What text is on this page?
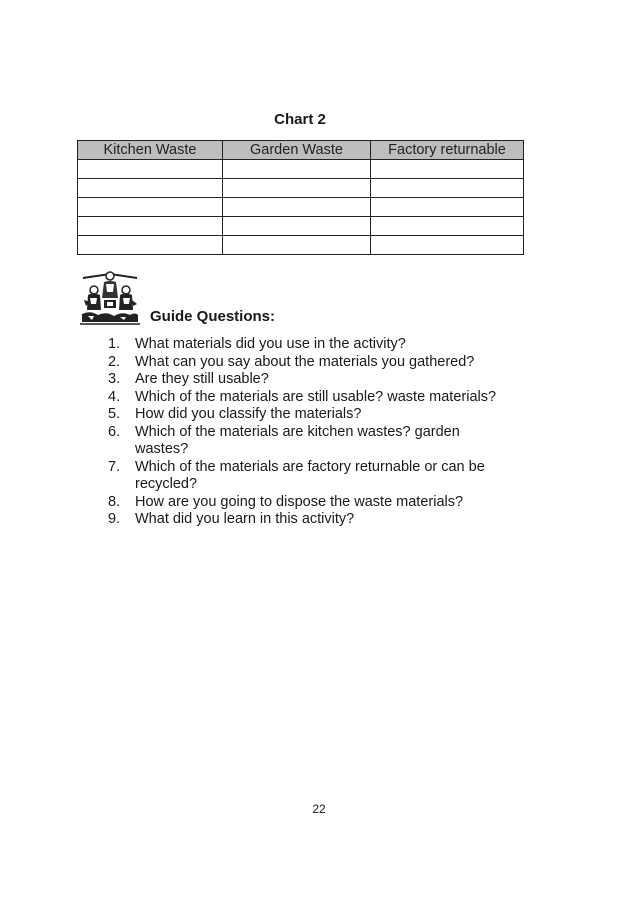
Chart 2
Kitchen Waste	Garden Waste	Factory returnable

Guide Questions:
1.	What materials did you use in the activity?
2.	What can you say about the materials you gathered?
3.	Are they still usable?
4.	Which of the materials are still usable? waste materials?
5.	How did you classify the materials?
6.	Which of the materials are kitchen wastes? garden wastes?
7.	Which of the materials are factory returnable or can be recycled?
8.	How are you going to dispose the waste materials?
9.	What did you learn in this activity?
22
